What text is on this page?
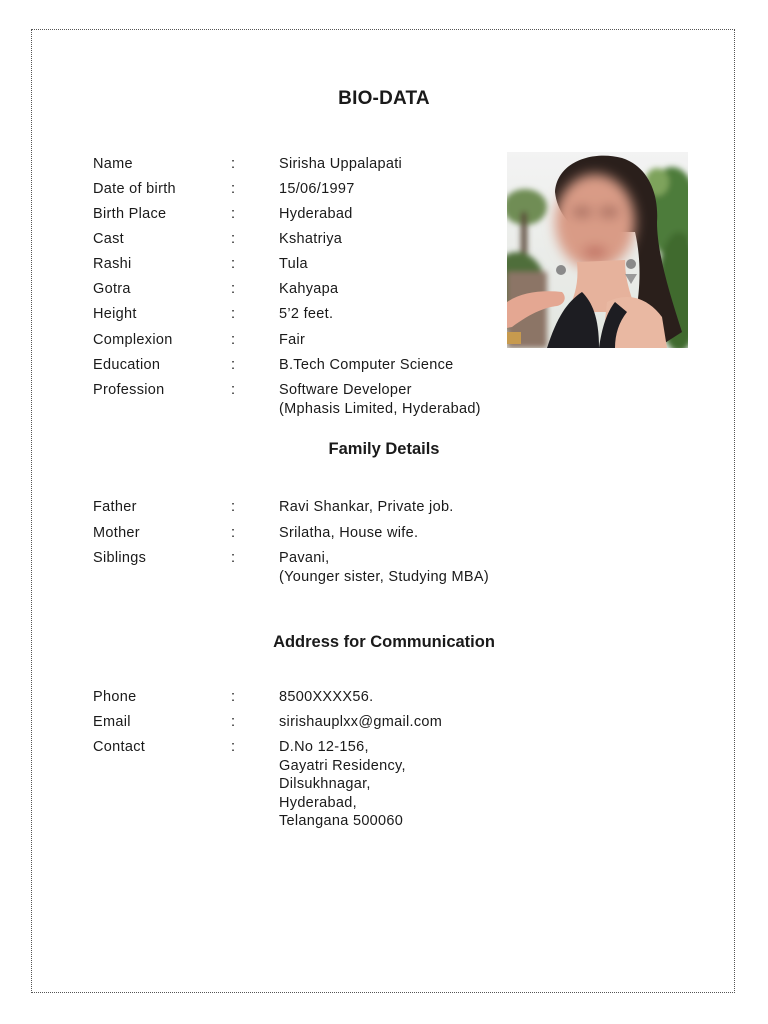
BIO-DATA
Name	:	Sirisha Uppalapati
Date of birth	:	15/06/1997
Birth Place	:	Hyderabad
Cast	:	Kshatriya
Rashi	:	Tula
Gotra	:	Kahyapa
Height	:	5’2 feet.
Complexion	:	Fair
Education	:	B.Tech Computer Science
Profession	:	Software Developer
(Mphasis Limited, Hyderabad)
Family Details
Father	:	Ravi Shankar, Private job.
Mother	:	Srilatha, House wife.
Siblings	:	Pavani,
(Younger sister, Studying MBA)
Address for Communication
Phone	:	8500XXXX56.
Email	:	sirishauplxx@gmail.com
Contact	:	D.No 12-156,
Gayatri Residency,
Dilsukhnagar,
Hyderabad,
Telangana 500060
